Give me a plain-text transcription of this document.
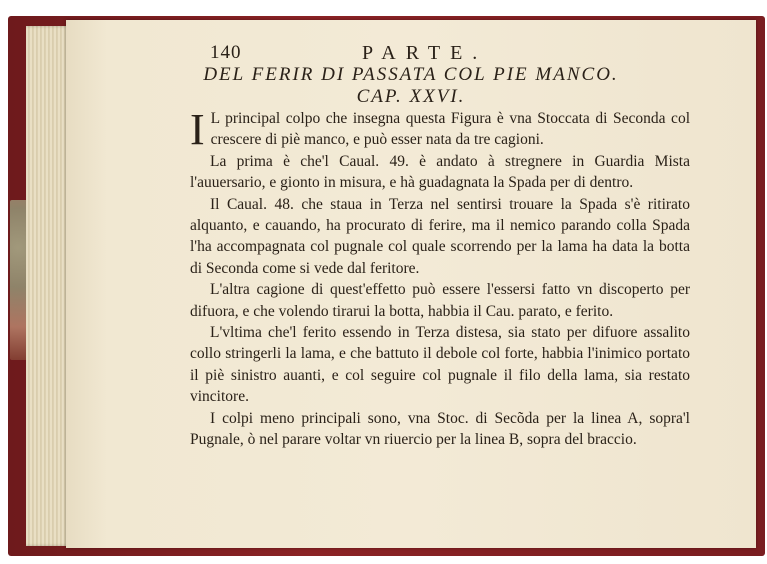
140	PARTE.
DEL FERIR DI PASSATA COL PIE MANCO.
CAP. XXVI.

I L principal colpo che insegna questa Figura è vna Stoccata di Seconda col crescere di piè manco, e può esser nata da tre cagioni.

La prima è che'l Caual. 49. è andato à stregnere in Guardia Mista l'auuersario, e gionto in misura, e hà guadagnata la Spada per di dentro.

Il Caual. 48. che staua in Terza nel sentirsi trouare la Spada s'è ritirato alquanto, e cauando, ha procurato di ferire, ma il nemico parando colla Spada l'ha accompagnata col pugnale col quale scorrendo per la lama ha data la botta di Seconda come si vede dal feritore.

L'altra cagione di quest'effetto può essere l'essersi fatto vn discoperto per difuora, e che volendo tirarui la botta, habbia il Cau. parato, e ferito.

L'vltima che'l ferito essendo in Terza distesa, sia stato per difuore assalito collo stringerli la lama, e che battuto il debole col forte, habbia l'inimico portato il piè sinistro auanti, e col seguire col pugnale il filo della lama, sia restato vincitore.

I colpi meno principali sono, vna Stoc. di Secõda per la linea A, sopra'l Pugnale, ò nel parare voltar vn riuercio per la linea B, sopra del braccio.
